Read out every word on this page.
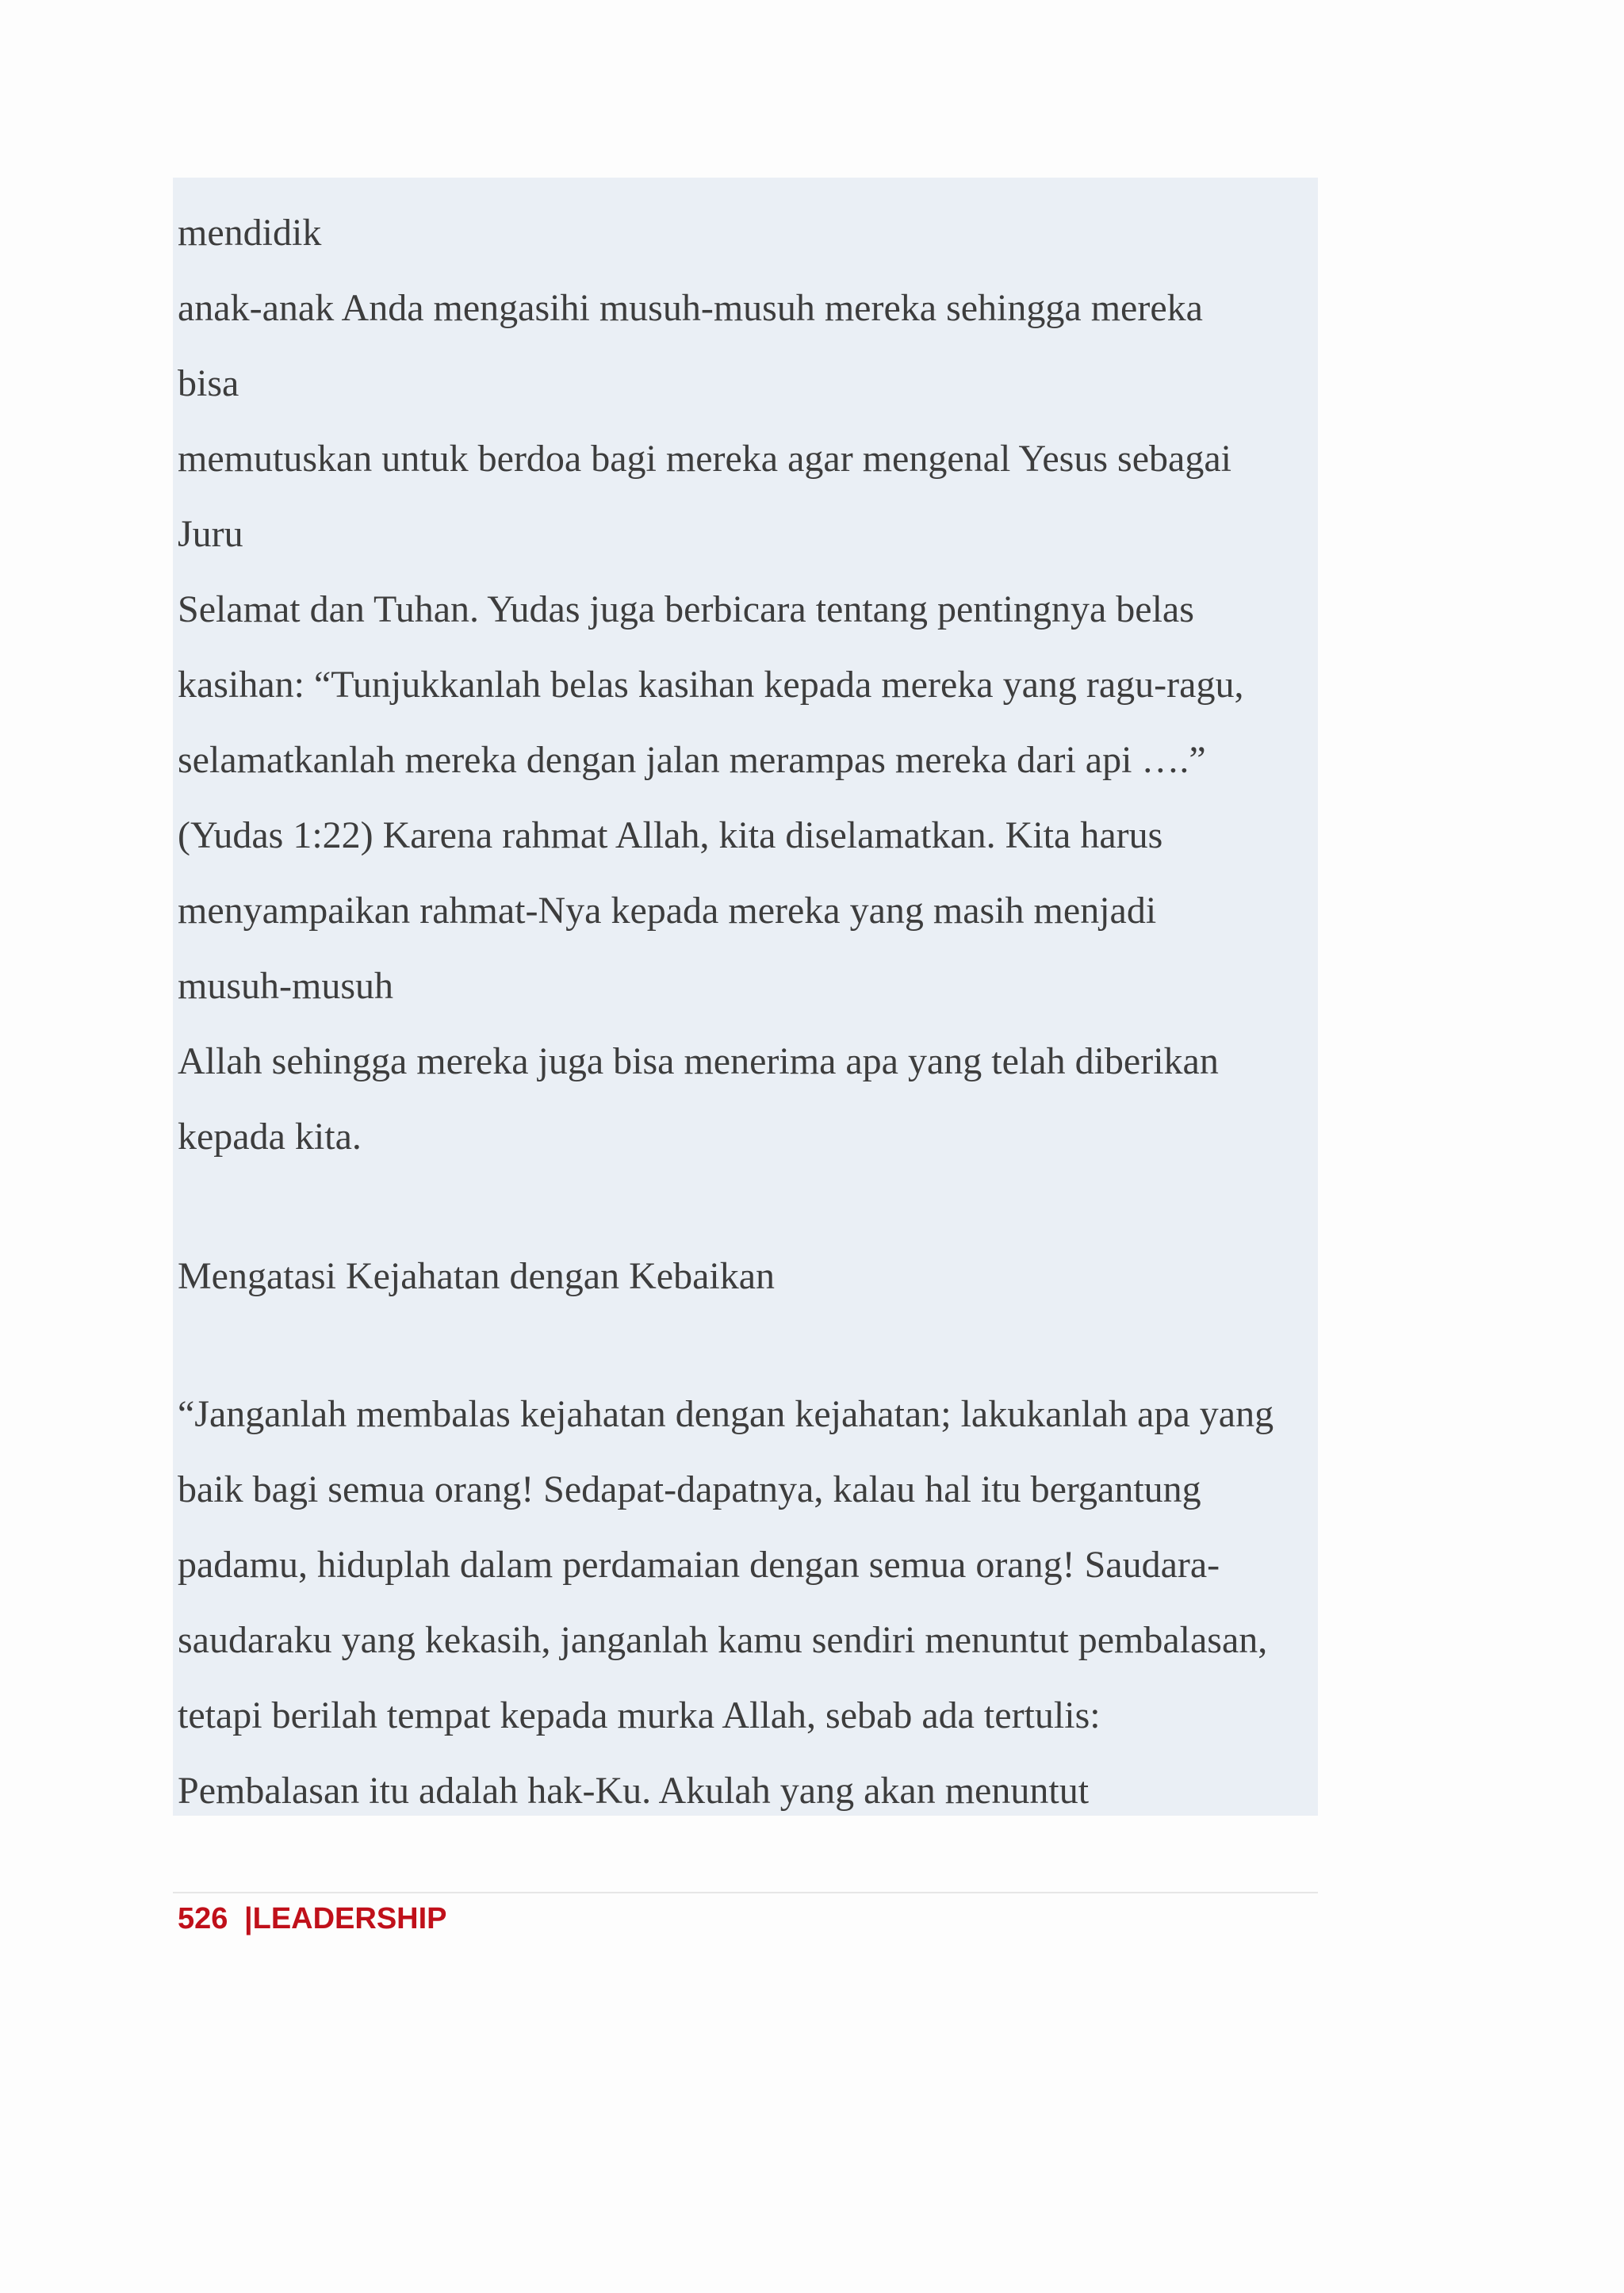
mendidik

anak-anak Anda mengasihi musuh-musuh mereka sehingga mereka

bisa

memutuskan untuk berdoa bagi mereka agar mengenal Yesus sebagai

Juru

Selamat dan Tuhan. Yudas juga berbicara tentang pentingnya belas

kasihan: “Tunjukkanlah belas kasihan kepada mereka yang ragu-ragu,

selamatkanlah mereka dengan jalan merampas mereka dari api ….”

(Yudas 1:22) Karena rahmat Allah, kita diselamatkan. Kita harus

menyampaikan rahmat-Nya kepada mereka yang masih menjadi

musuh-musuh

Allah sehingga mereka juga bisa menerima apa yang telah diberikan

kepada kita.

Mengatasi Kejahatan dengan Kebaikan

“Janganlah membalas kejahatan dengan kejahatan; lakukanlah apa yang

baik bagi semua orang! Sedapat-dapatnya, kalau hal itu bergantung

padamu, hiduplah dalam perdamaian dengan semua orang! Saudara-

saudaraku yang kekasih, janganlah kamu sendiri menuntut pembalasan,

tetapi berilah tempat kepada murka Allah, sebab ada tertulis:

Pembalasan itu adalah hak-Ku. Akulah yang akan menuntut

526 |LEADERSHIP
